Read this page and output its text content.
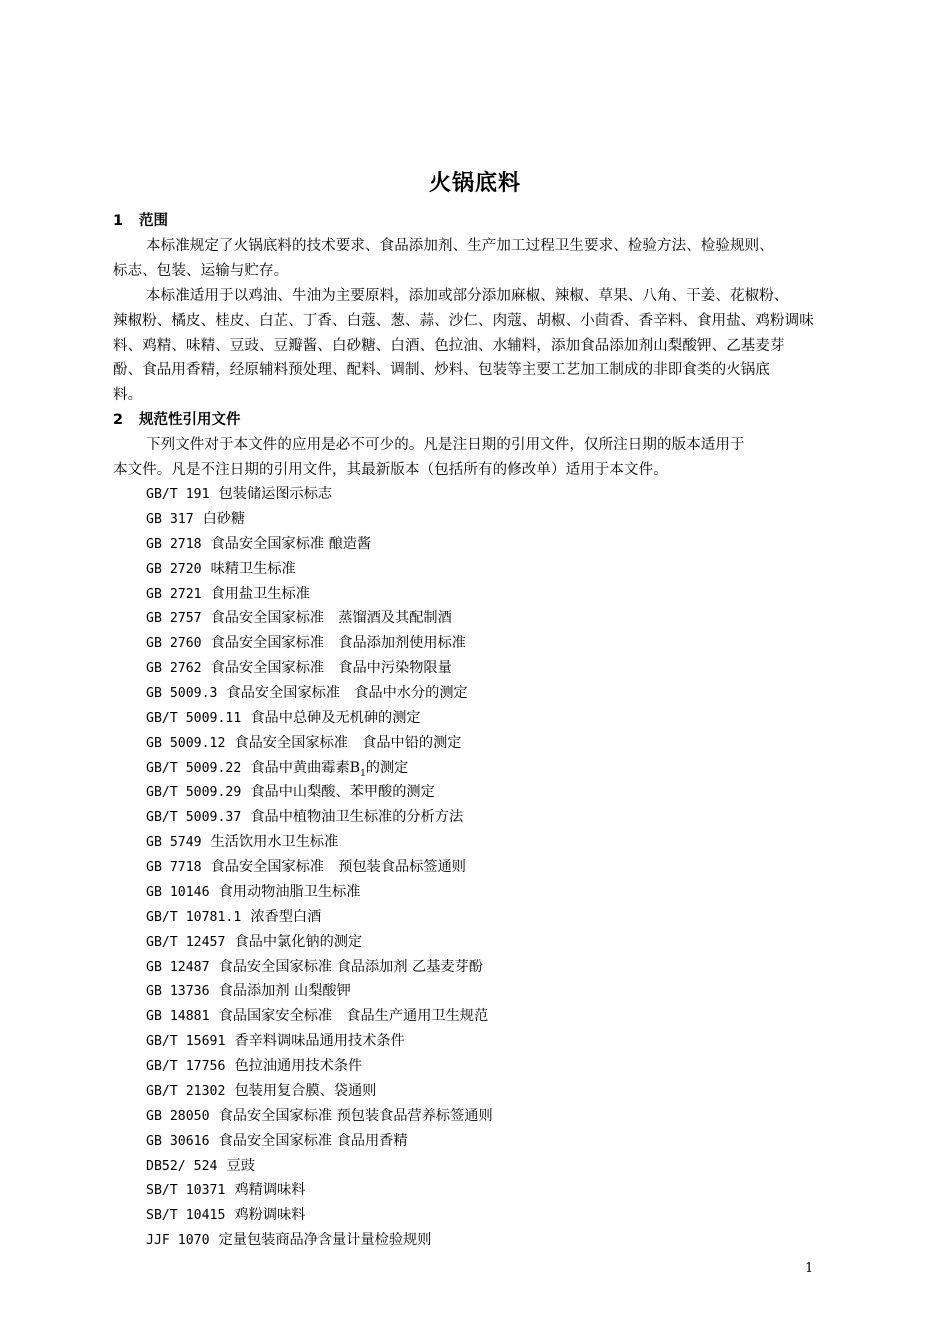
火锅底料
1 范围
本标准规定了火锅底料的技术要求、食品添加剂、生产加工过程卫生要求、检验方法、检验规则、
标志、包装、运输与贮存。
本标准适用于以鸡油、牛油为主要原料，添加或部分添加麻椒、辣椒、草果、八角、干姜、花椒粉、
辣椒粉、橘皮、桂皮、白芷、丁香、白蔻、葱、蒜、沙仁、肉蔻、胡椒、小茴香、香辛料、食用盐、鸡粉调味
料、鸡精、味精、豆豉、豆瓣酱、白砂糖、白酒、色拉油、水辅料，添加食品添加剂山梨酸钾、乙基麦芽
酚、食品用香精，经原辅料预处理、配料、调制、炒料、包装等主要工艺加工制成的非即食类的火锅底
料。
2 规范性引用文件
下列文件对于本文件的应用是必不可少的。凡是注日期的引用文件，仅所注日期的版本适用于
本文件。凡是不注日期的引用文件，其最新版本（包括所有的修改单）适用于本文件。
GB/T 191 包装储运图示标志
GB 317 白砂糖
GB 2718 食品安全国家标准 酿造酱
GB 2720 味精卫生标准
GB 2721 食用盐卫生标准
GB 2757 食品安全国家标准　蒸馏酒及其配制酒
GB 2760 食品安全国家标准　食品添加剂使用标准
GB 2762 食品安全国家标准　食品中污染物限量
GB 5009.3 食品安全国家标准　食品中水分的测定
GB/T 5009.11 食品中总砷及无机砷的测定
GB 5009.12 食品安全国家标准　食品中铅的测定
GB/T 5009.22 食品中黄曲霉素$B_1$的测定
GB/T 5009.29 食品中山梨酸、苯甲酸的测定
GB/T 5009.37 食品中植物油卫生标准的分析方法
GB 5749 生活饮用水卫生标准
GB 7718 食品安全国家标准　预包装食品标签通则
GB 10146 食用动物油脂卫生标准
GB/T 10781.1 浓香型白酒
GB/T 12457 食品中氯化钠的测定
GB 12487 食品安全国家标准 食品添加剂 乙基麦芽酚
GB 13736 食品添加剂 山梨酸钾
GB 14881 食品国家安全标准　食品生产通用卫生规范
GB/T 15691 香辛料调味品通用技术条件
GB/T 17756 色拉油通用技术条件
GB/T 21302 包装用复合膜、袋通则
GB 28050 食品安全国家标准 预包装食品营养标签通则
GB 30616 食品安全国家标准 食品用香精
DB52/ 524 豆豉
SB/T 10371 鸡精调味料
SB/T 10415 鸡粉调味料
JJF 1070 定量包装商品净含量计量检验规则
1
